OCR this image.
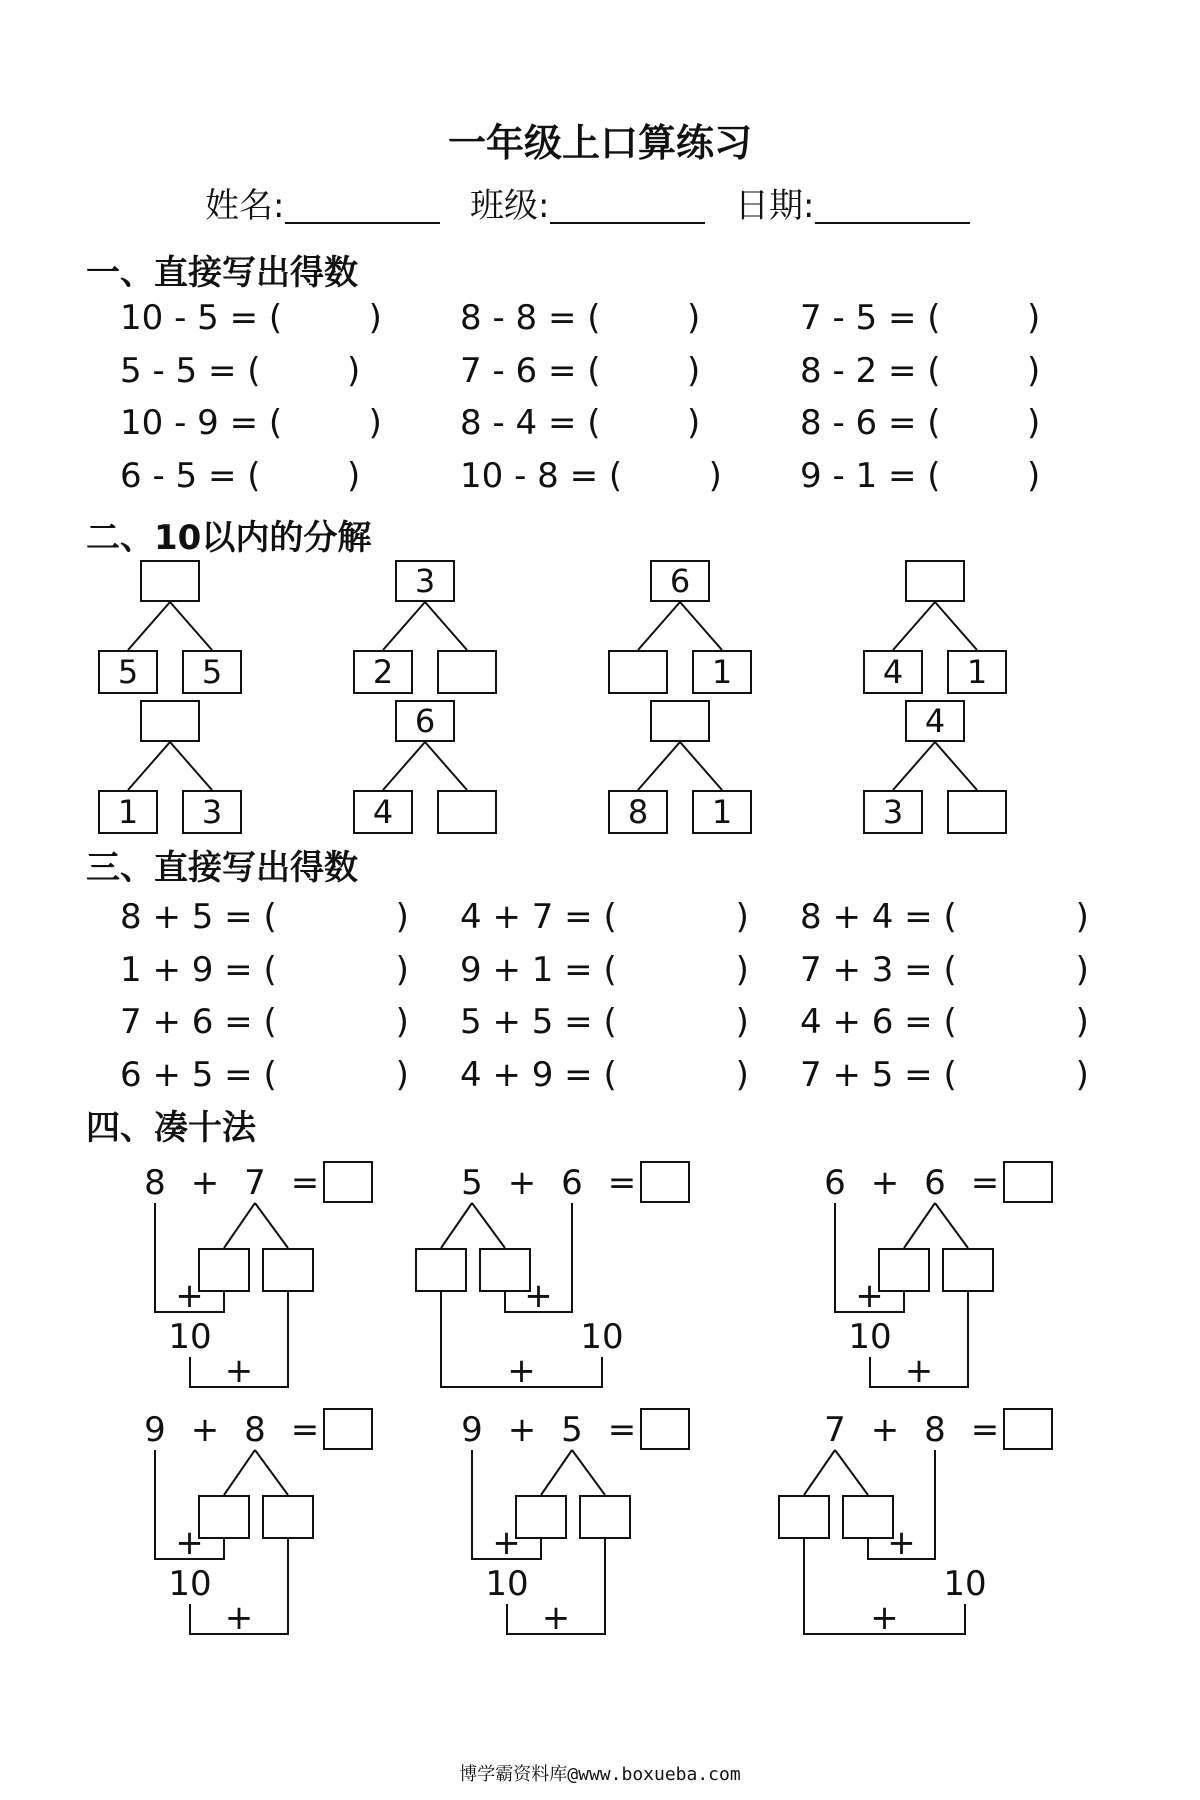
一年级上口算练习
姓名:	班级:	日期:
一、直接写出得数
二、10以内的分解
三、直接写出得数
四、凑十法
10 - 5 = (        ) 8 - 8 = (        )	7 - 5 = (        )
5 - 5 = (        )	7 - 6 = (        )	8 - 2 = (        )
10 - 9 = (        ) 8 - 4 = (        )	8 - 6 = (        )
6 - 5 = (        )	10 - 8 = (        ) 9 - 1 = (        )
5	5
3
2
6
1	4	1
1	3
6
4	8	1
4
3
8 + 5 = (           ) 4 + 7 = (           ) 8 + 4 = (           )
1 + 9 = (           ) 9 + 1 = (           ) 7 + 3 = (           )
7 + 6 = (           ) 5 + 5 = (           ) 4 + 6 = (           )
6 + 5 = (           ) 4 + 9 = (           ) 7 + 5 = (           )
8 + 7 =
+
10
+
5 + 6 =
+
10
+
6 + 6 =
+
10
+
9 + 8 =
+
10
+
9 + 5 =
+
10
+
7 + 8 =
+
10
+
博学霸资料库@www.boxueba.com
